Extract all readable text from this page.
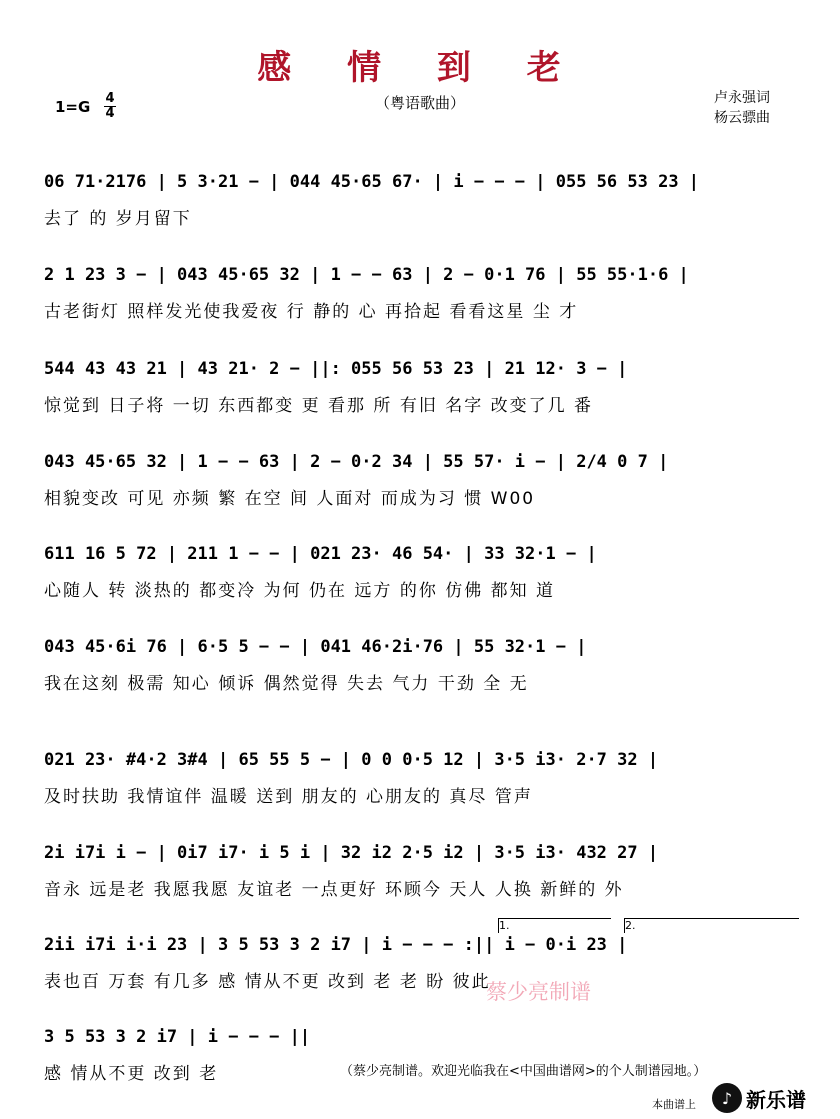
感 情 到 老
（粤语歌曲）
1=G 4
4
卢永强词
杨云骠曲
06 71·2176 | 5 3·21 − | 044 45·65 67· | i − − − | 055 56 53 23 |
去了 的 岁月留下
2 1 23 3 − | 043 45·65 32 | 1 − − 63 | 2 − 0·1 76 | 55 55·1·6 |
古老街灯 照样发光使我爱夜 行 静的 心 再拾起 看看这星 尘 才
544 43 43 21 | 43 21· 2 − ||: 055 56 53 23 | 21 12· 3 − |
惊觉到 日子将 一切 东西都变 更 看那 所 有旧 名字 改变了几 番
043 45·65 32 | 1 − − 63 | 2 − 0·2 34 | 55 57· i − | 2/4 0 7 |
相貌变改 可见 亦频 繁 在空 间 人面对 而成为习 惯 W00
611 16 5 72 | 211 1 − − | 021 23· 46 54· | 33 32·1 − |
心随人 转 淡热的 都变冷 为何 仍在 远方 的你 仿佛 都知 道
043 45·6i 76 | 6·5 5 − − | 041 46·2i·76 | 55 32·1 − |
我在这刻 极需 知心 倾诉 偶然觉得 失去 气力 干劲 全 无
021 23· #4·2 3#4 | 65 55 5 − | 0 0 0·5 12 | 3·5 i3· 2·7 32 |
及时扶助 我情谊伴 温暖 送到 朋友的 心朋友的 真尽 管声
2i i7i i − | 0i7 i7· i 5 i | 32 i2 2·5 i2 | 3·5 i3· 432 27 |
音永 远是老 我愿我愿 友谊老 一点更好 环顾今 天人 人换 新鲜的 外
1.	2.
2ii i7i i·i 23 | 3 5 53 3 2 i7 | i − − − :|| i − 0·i 23 |
表也百 万套 有几多 感 情从不更 改到 老 老 盼 彼此
3 5 53 3 2 i7 | i − − − ||
感 情从不更 改到 老
蔡少亮制谱
（蔡少亮制谱。欢迎光临我在<中国曲谱网>的个人制谱园地。）
本曲谱上	♪ 新乐谱
